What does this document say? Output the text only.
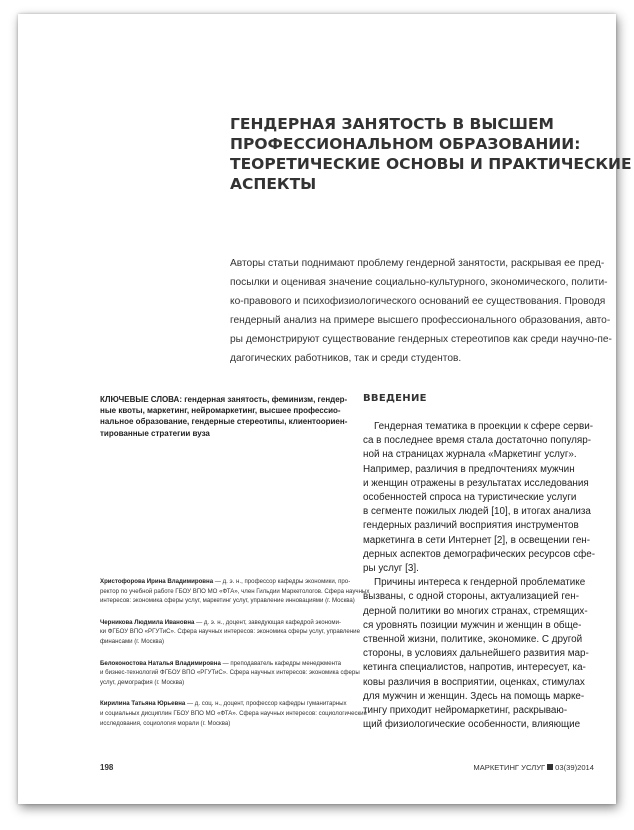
ГЕНДЕРНАЯ ЗАНЯТОСТЬ В ВЫСШЕМ
ПРОФЕССИОНАЛЬНОМ ОБРАЗОВАНИИ:
ТЕОРЕТИЧЕСКИЕ ОСНОВЫ И ПРАКТИЧЕСКИЕ
АСПЕКТЫ
Авторы статьи поднимают проблему гендерной занятости, раскрывая ее пред-
посылки и оценивая значение социально-культурного, экономического, полити-
ко-правового и психофизиологического оснований ее существования. Проводя
гендерный анализ на примере высшего профессионального образования, авто-
ры демонстрируют существование гендерных стереотипов как среди научно-пе-
дагогических работников, так и среди студентов.
КЛЮЧЕВЫЕ СЛОВА: гендерная занятость, феминизм, гендер-
ные квоты, маркетинг, нейромаркетинг, высшее профессио-
нальное образование, гендерные стереотипы, клиентоориен-
тированные стратегии вуза
ВВЕДЕНИЕ
Гендерная тематика в проекции к сфере серви-
са в последнее время стала достаточно популяр-
ной на страницах журнала «Маркетинг услуг».
Например, различия в предпочтениях мужчин
и женщин отражены в результатах исследования
особенностей спроса на туристические услуги
в сегменте пожилых людей [10], в итогах анализа
гендерных различий восприятия инструментов
маркетинга в сети Интернет [2], в освещении ген-
дерных аспектов демографических ресурсов сфе-
ры услуг [3].
Причины интереса к гендерной проблематике
вызваны, с одной стороны, актуализацией ген-
дерной политики во многих странах, стремящих-
ся уровнять позиции мужчин и женщин в обще-
ственной жизни, политике, экономике. С другой
стороны, в условиях дальнейшего развития мар-
кетинга специалистов, напротив, интересует, ка-
ковы различия в восприятии, оценках, стимулах
для мужчин и женщин. Здесь на помощь марке-
тингу приходит нейромаркетинг, раскрываю-
щий физиологические особенности, влияющие
Христофорова Ирина Владимировна — д. э. н., профессор кафедры экономики, про-
ректор по учебной работе ГБОУ ВПО МО «ФТА», член Гильдии Маркетологов. Сфера научных
интересов: экономика сферы услуг, маркетинг услуг, управление инновациями (г. Москва)
Черникова Людмила Ивановна — д. э. н., доцент, заведующая кафедрой экономи-
ки ФГБОУ ВПО «РГУТиС». Сфера научных интересов: экономика сферы услуг, управление
финансами (г. Москва)
Белоконостова Наталья Владимировна — преподаватель кафедры менеджмента
и бизнес-технологий ФГБОУ ВПО «РГУТиС». Сфера научных интересов: экономика сферы
услуг, демография (г. Москва)
Кирилина Татьяна Юрьевна — д. соц. н., доцент, профессор кафедры гуманитарных
и социальных дисциплин ГБОУ ВПО МО «ФТА». Сфера научных интересов: социологические
исследования, социология морали (г. Москва)
198	МАРКЕТИНГ УСЛУГ 03(39)2014
